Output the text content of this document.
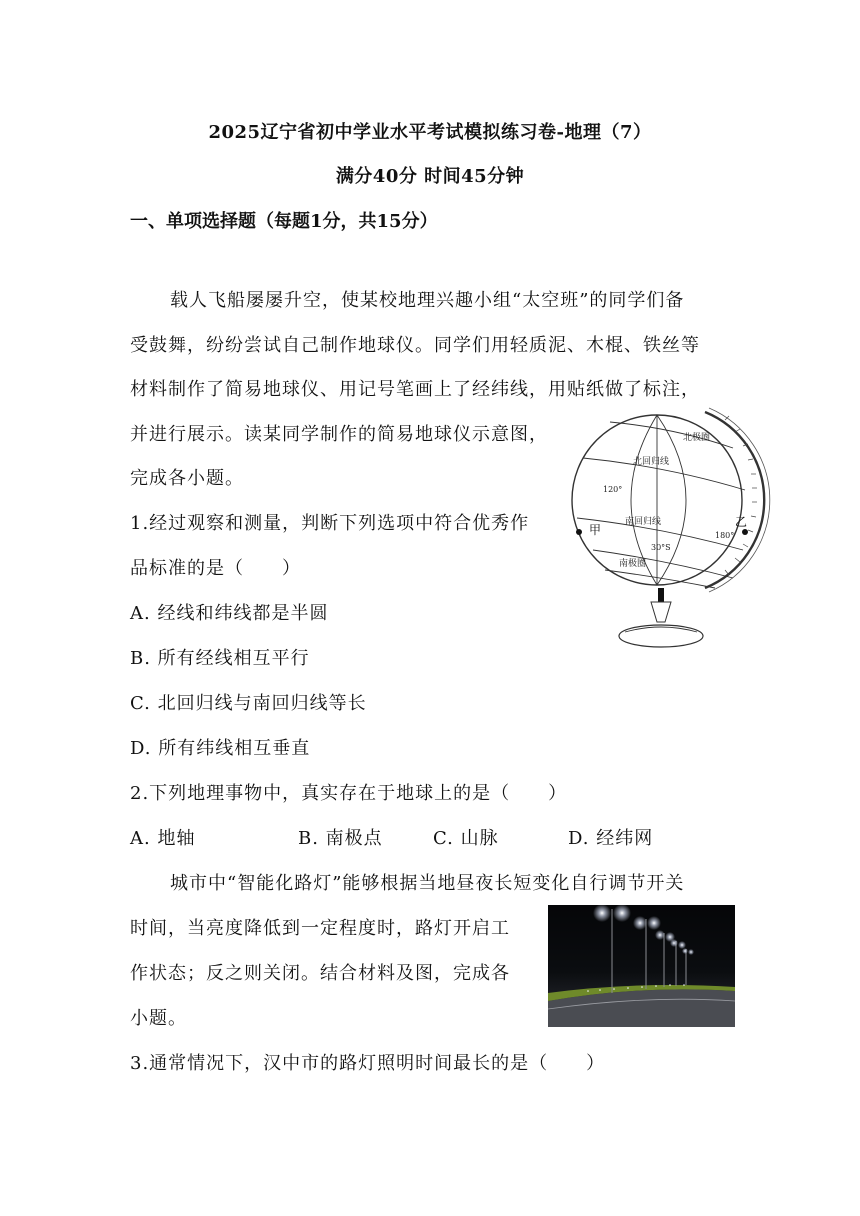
2025辽宁省初中学业水平考试模拟练习卷-地理（7）
满分40分 时间45分钟
一、单项选择题（每题1分，共15分）
载人飞船屡屡升空，使某校地理兴趣小组“太空班”的同学们备
受鼓舞，纷纷尝试自己制作地球仪。同学们用轻质泥、木棍、铁丝等
材料制作了简易地球仪、用记号笔画上了经纬线，用贴纸做了标注，
并进行展示。读某同学制作的简易地球仪示意图，
完成各小题。
北极圈
北回归线
120°
南回归线
30°S
南极圈
180°
甲
乙
1.经过观察和测量，判断下列选项中符合优秀作
品标准的是（　　）
A. 经线和纬线都是半圆
B. 所有经线相互平行
C. 北回归线与南回归线等长
D. 所有纬线相互垂直
2.下列地理事物中，真实存在于地球上的是（　　）
A. 地轴	B. 南极点	C. 山脉	D. 经纬网
城市中“智能化路灯”能够根据当地昼夜长短变化自行调节开关
时间，当亮度降低到一定程度时，路灯开启工
作状态；反之则关闭。结合材料及图，完成各
小题。
3.通常情况下，汉中市的路灯照明时间最长的是（　　）
